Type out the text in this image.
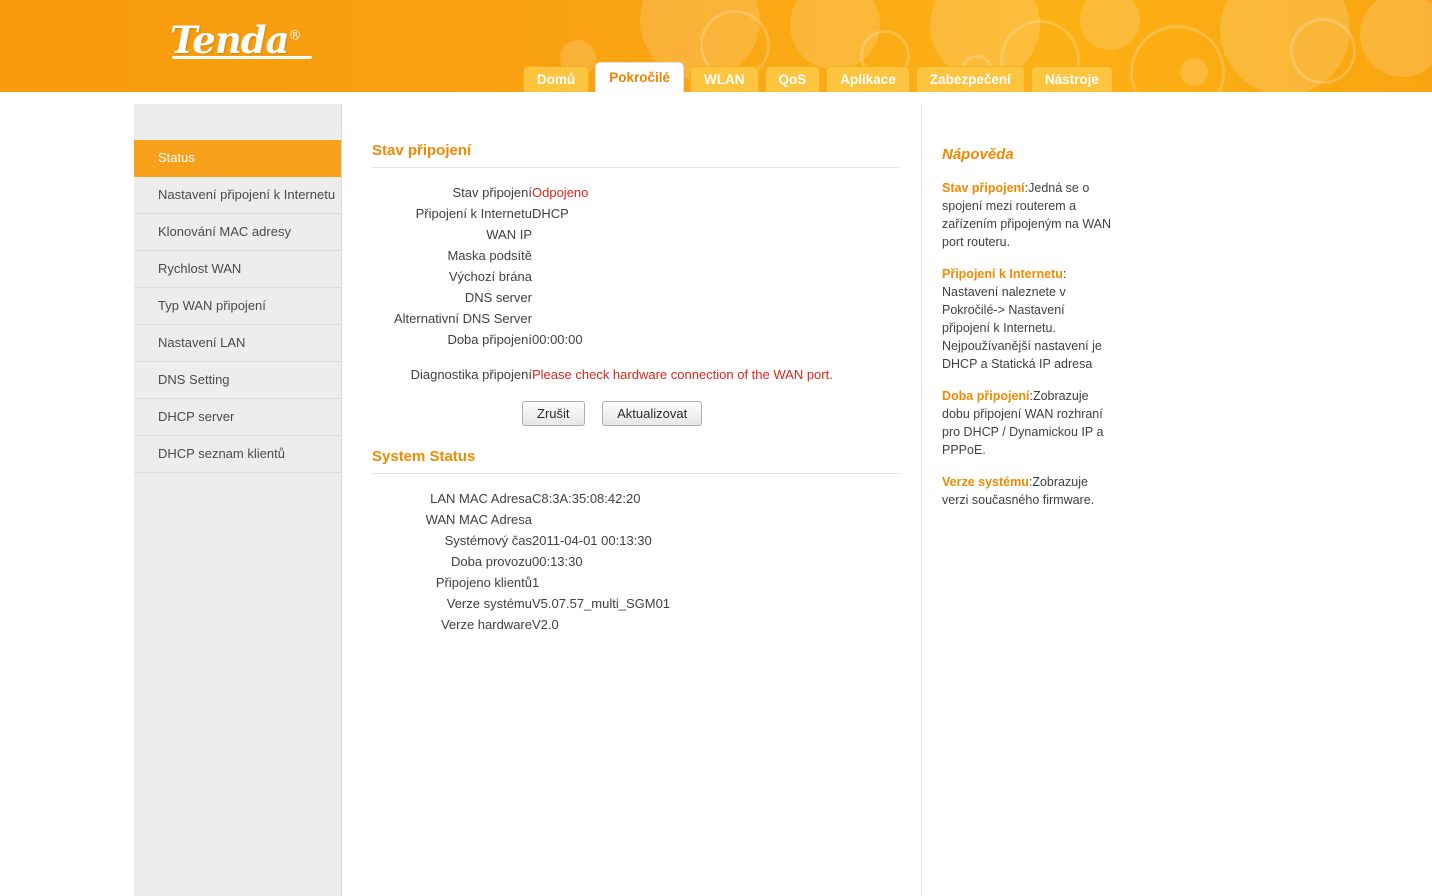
Tenda®
Domů	Pokročilé	WLAN	QoS	Aplikace	Zabezpečení	Nástroje
Status
Nastavení připojení k Internetu
Klonování MAC adresy
Rychlost WAN
Typ WAN připojení
Nastavení LAN
DNS Setting
DHCP server
DHCP seznam klientů
Stav připojení
Stav připojení	Odpojeno
Připojení k Internetu	DHCP
WAN IP	
Maska podsítě	
Výchozí brána	
DNS server	
Alternativní DNS Server	
Doba připojení	00:00:00

Diagnostika připojení	Please check hardware connection of the WAN port.
Zrušit	Aktualizovat
System Status
LAN MAC Adresa	C8:3A:35:08:42:20
WAN MAC Adresa	
Systémový čas	2011-04-01 00:13:30
Doba provozu	00:13:30
Připojeno klientů	1
Verze systému	V5.07.57_multi_SGM01
Verze hardware	V2.0
Nápověda

Stav připojení:Jedná se o spojení mezi routerem a zařízením připojeným na WAN port routeru.

Připojení k Internetu: Nastavení naleznete v Pokročilé-> Nastavení připojení k Internetu. Nejpoužívanější nastavení je DHCP a Statická IP adresa

Doba připojení:Zobrazuje dobu připojení WAN rozhraní pro DHCP / Dynamickou IP a PPPoE.

Verze systému:Zobrazuje verzi současného firmware.
